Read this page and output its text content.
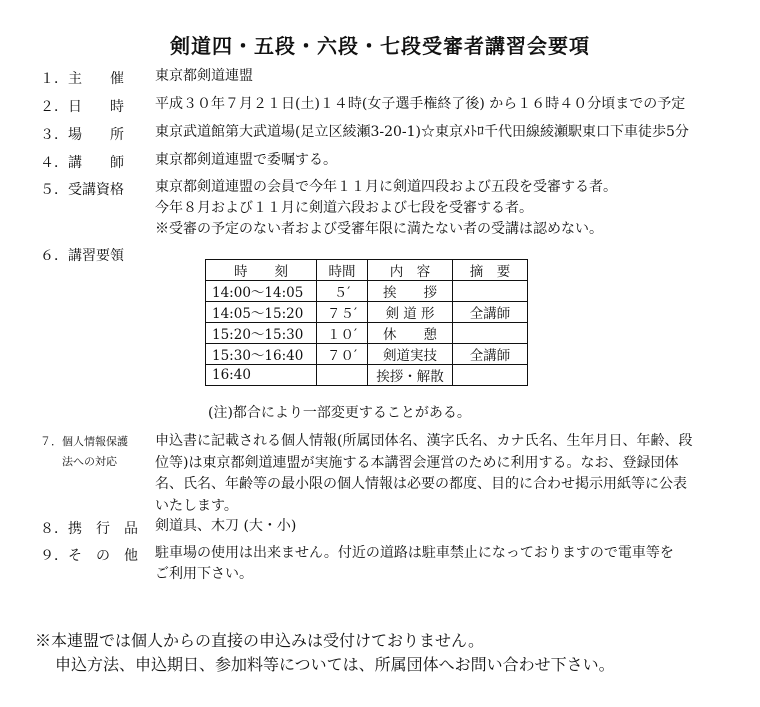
剣道四・五段・六段・七段受審者講習会要項
１．主　　催 東京都剣道連盟
２．日　　時 平成３０年７月２１日(土)１４時(女子選手権終了後) から１６時４０分頃までの予定
３．場　　所 東京武道館第大武道場(足立区綾瀬3-20-1)☆東京ﾒﾄﾛ千代田線綾瀬駅東口下車徒歩5分
４．講　　師 東京都剣道連盟で委嘱する。
５．受講資格 東京都剣道連盟の会員で今年１１月に剣道四段および五段を受審する者。
今年８月および１１月に剣道六段および七段を受審する者。
※受審の予定のない者および受審年限に満たない者の受講は認めない。
６．講習要領
時　　刻	時間	内　容	摘　要
14:00～14:05	５′	挨　　拶	
14:05～15:20	７５′	剣 道 形	全講師
15:20～15:30	１０′	休　　憩	
15:30～16:40	７０′	剣道実技	全講師
16:40		挨拶・解散	
(注)都合により一部変更することがある。
７．個人情報保護
　　法への対応
申込書に記載される個人情報(所属団体名、漢字氏名、カナ氏名、生年月日、年齢、段位等)は東京都剣道連盟が実施する本講習会運営のために利用する。なお、登録団体名、氏名、年齢等の最小限の個人情報は必要の都度、目的に合わせ掲示用紙等に公表いたします。
８．携　行　品 剣道具、木刀 (大・小)
９．そ　の　他 駐車場の使用は出来ません。付近の道路は駐車禁止になっておりますので電車等を
ご利用下さい。
※本連盟では個人からの直接の申込みは受付けておりません。
申込方法、申込期日、参加料等については、所属団体へお問い合わせ下さい。
